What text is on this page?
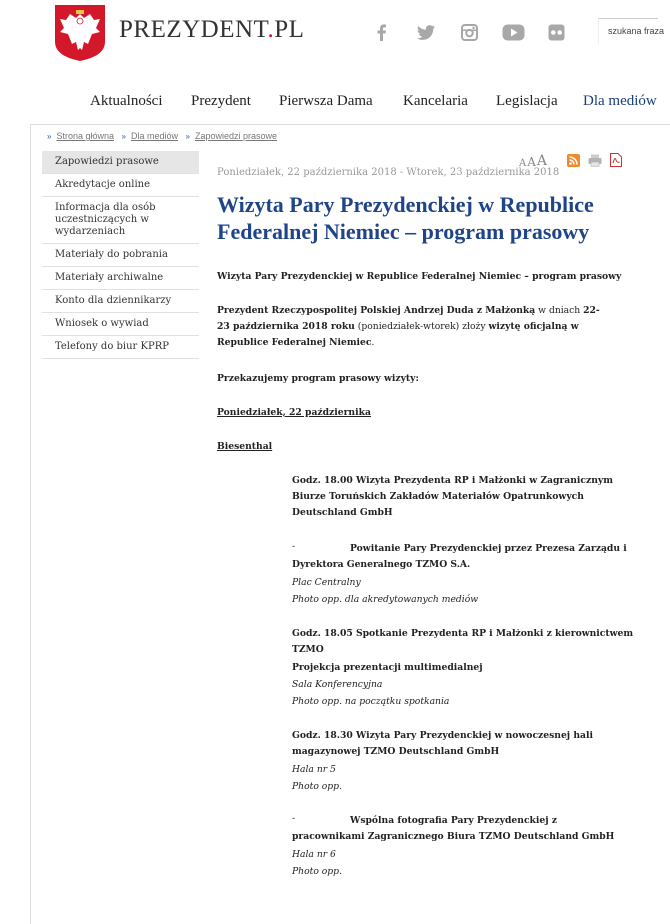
PREZYDENT.PL	szukana fraza
Aktualności Prezydent Pierwsza Dama Kancelaria Legislacja Dla mediów
» Strona główna » Dla mediów » Zapowiedzi prasowe
Zapowiedzi prasowe
Akredytacje online
Informacja dla osób uczestniczących w wydarzeniach
Materiały do pobrania
Materiały archiwalne
Konto dla dziennikarzy
Wniosek o wywiad
Telefony do biur KPRP
A A A
Poniedziałek, 22 października 2018 - Wtorek, 23 października 2018
Wizyta Pary Prezydenckiej w Republice Federalnej Niemiec – program prasowy
Wizyta Pary Prezydenckiej w Republice Federalnej Niemiec – program prasowy
Prezydent Rzeczypospolitej Polskiej Andrzej Duda z Małżonką w dniach 22-23 października 2018 roku (poniedziałek-wtorek) złoży wizytę oficjalną w Republice Federalnej Niemiec.
Przekazujemy program prasowy wizyty:
Poniedziałek, 22 października
Biesenthal
Godz. 18.00 Wizyta Prezydenta RP i Małżonki w Zagranicznym Biurze Toruńskich Zakładów Materiałów Opatrunkowych Deutschland GmbH
-	Powitanie Pary Prezydenckiej przez Prezesa Zarządu i Dyrektora Generalnego TZMO S.A.
Plac Centralny
Photo opp. dla akredytowanych mediów
Godz. 18.05 Spotkanie Prezydenta RP i Małżonki z kierownictwem TZMO
Projekcja prezentacji multimedialnej
Sala Konferencyjna
Photo opp. na początku spotkania
Godz. 18.30 Wizyta Pary Prezydenckiej w nowoczesnej hali magazynowej TZMO Deutschland GmbH
Hala nr 5
Photo opp.
-	Wspólna fotografia Pary Prezydenckiej z pracownikami Zagranicznego Biura TZMO Deutschland GmbH
Hala nr 6
Photo opp.
